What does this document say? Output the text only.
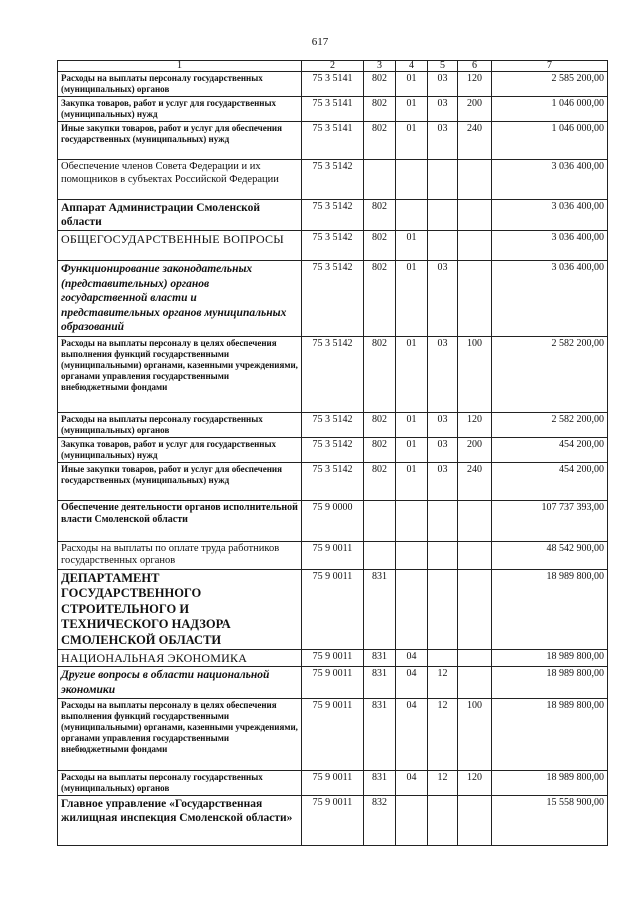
617
1	2	3	4	5	6	7
Расходы на выплаты персоналу государственных (муниципальных) органов	75 3 5141	802	01	03	120	2 585 200,00
Закупка товаров, работ и услуг для государственных (муниципальных) нужд	75 3 5141	802	01	03	200	1 046 000,00
Иные закупки товаров, работ и услуг для обеспечения государственных (муниципальных) нужд	75 3 5141	802	01	03	240	1 046 000,00
Обеспечение членов Совета Федерации и их помощников в субъектах Российской Федерации	75 3 5142					3 036 400,00
Аппарат Администрации Смоленской области	75 3 5142	802				3 036 400,00
ОБЩЕГОСУДАРСТВЕННЫЕ ВОПРОСЫ	75 3 5142	802	01			3 036 400,00
Функционирование законодательных (представительных) органов государственной власти и представительных органов муниципальных образований	75 3 5142	802	01	03		3 036 400,00
Расходы на выплаты персоналу в целях обеспечения выполнения функций государственными (муниципальными) органами, казенными учреждениями, органами управления государственными внебюджетными фондами	75 3 5142	802	01	03	100	2 582 200,00
Расходы на выплаты персоналу государственных (муниципальных) органов	75 3 5142	802	01	03	120	2 582 200,00
Закупка товаров, работ и услуг для государственных (муниципальных) нужд	75 3 5142	802	01	03	200	454 200,00
Иные закупки товаров, работ и услуг для обеспечения государственных (муниципальных) нужд	75 3 5142	802	01	03	240	454 200,00
Обеспечение деятельности органов исполнительной власти Смоленской области	75 9 0000					107 737 393,00
Расходы на выплаты по оплате труда работников государственных органов	75 9 0011					48 542 900,00
ДЕПАРТАМЕНТ ГОСУДАРСТВЕННОГО СТРОИТЕЛЬНОГО И ТЕХНИЧЕСКОГО НАДЗОРА СМОЛЕНСКОЙ ОБЛАСТИ	75 9 0011	831				18 989 800,00
НАЦИОНАЛЬНАЯ ЭКОНОМИКА	75 9 0011	831	04			18 989 800,00
Другие вопросы в области национальной экономики	75 9 0011	831	04	12		18 989 800,00
Расходы на выплаты персоналу в целях обеспечения выполнения функций государственными (муниципальными) органами, казенными учреждениями, органами управления государственными внебюджетными фондами	75 9 0011	831	04	12	100	18 989 800,00
Расходы на выплаты персоналу государственных (муниципальных) органов	75 9 0011	831	04	12	120	18 989 800,00
Главное управление «Государственная жилищная инспекция Смоленской области»	75 9 0011	832				15 558 900,00
